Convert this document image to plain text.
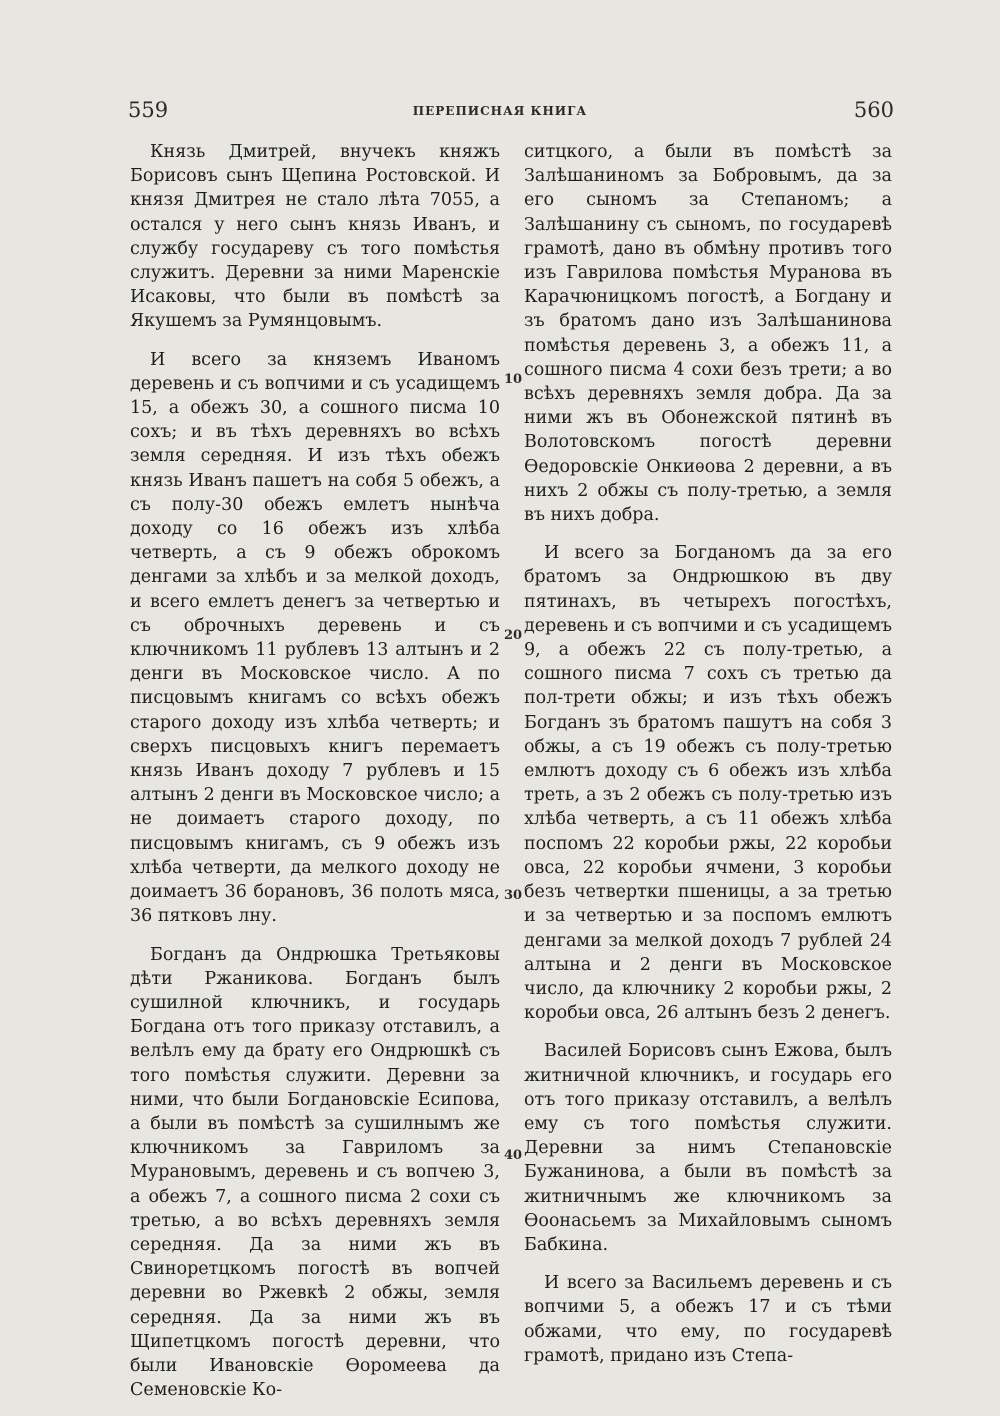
559	ПЕРЕПИСНАЯ КНИГА	560

Князь Дмитрей, внучекъ княжъ Борисовъ сынъ Щепина Ростовской. И князя Дмитрея не стало лѣта 7055, а остался у него сынъ князь Иванъ, и службу государеву съ того помѣстья служитъ. Деревни за ними Маренскіе Исаковы, что были въ помѣстѣ за Якушемъ за Румянцовымъ.

И всего за княземъ Иваномъ деревень и съ вопчими и съ усадищемъ 15, а обежъ 30, а сошного писма 10 сохъ; и въ тѣхъ деревняхъ во всѣхъ земля середняя. И изъ тѣхъ обежъ князь Иванъ пашетъ на собя 5 обежъ, а съ полу-30 обежъ емлетъ нынѣча доходу со 16 обежъ изъ хлѣба четверть, а съ 9 обежъ оброкомъ денгами за хлѣбъ и за мелкой доходъ, и всего емлетъ денегъ за четвертью и съ оброчныхъ деревень и съ ключникомъ 11 рублевъ 13 алтынъ и 2 денги въ Московское число. А по писцовымъ книгамъ со всѣхъ обежъ старого доходу изъ хлѣба четверть; и сверхъ писцовыхъ книгъ перемаетъ князь Иванъ доходу 7 рублевъ и 15 алтынъ 2 денги въ Московское число; а не доимаетъ старого доходу, по писцовымъ книгамъ, съ 9 обежъ изъ хлѣба четверти, да мелкого доходу не доимаетъ 36 борановъ, 36 полоть мяса, 36 пятковъ лну.

Богданъ да Ондрюшка Третьяковы дѣти Ржаникова. Богданъ былъ сушилной ключникъ, и государь Богдана отъ того приказу отставилъ, а велѣлъ ему да брату его Ондрюшкѣ съ того помѣстья служити. Деревни за ними, что были Богдановскіе Есипова, а были въ помѣстѣ за сушилнымъ же ключникомъ за Гавриломъ за Мурановымъ, деревень и съ вопчею 3, а обежъ 7, а сошного писма 2 сохи съ третью, а во всѣхъ деревняхъ земля середняя. Да за ними жъ въ Свиноретцкомъ погостѣ въ вопчей деревни во Ржевкѣ 2 обжы, земля середняя. Да за ними жъ въ Щипетцкомъ погостѣ деревни, что были Ивановскіе Ѳоромеева да Семеновскіе Ко-

10
20
30
40

ситцкого, а были въ помѣстѣ за Залѣшаниномъ за Бобровымъ, да за его сыномъ за Степаномъ; а Залѣшанину съ сыномъ, по государевѣ грамотѣ, дано въ обмѣну противъ того изъ Гаврилова помѣстья Муранова въ Карачюницкомъ погостѣ, а Богдану и зъ братомъ дано изъ Залѣшанинова помѣстья деревень 3, а обежъ 11, а сошного писма 4 сохи безъ трети; а во всѣхъ деревняхъ земля добра. Да за ними жъ въ Обонежской пятинѣ въ Волотовскомъ погостѣ деревни Ѳедоровскіе Онкиѳова 2 деревни, а въ нихъ 2 обжы съ полу-третью, а земля въ нихъ добра.

И всего за Богданомъ да за его братомъ за Ондрюшкою въ дву пятинахъ, въ четырехъ погостѣхъ, деревень и съ вопчими и съ усадищемъ 9, а обежъ 22 съ полу-третью, а сошного писма 7 сохъ съ третью да пол-трети обжы; и изъ тѣхъ обежъ Богданъ зъ братомъ пашутъ на собя 3 обжы, а съ 19 обежъ съ полу-третью емлютъ доходу съ 6 обежъ изъ хлѣба треть, а зъ 2 обежъ съ полу-третью изъ хлѣба четверть, а съ 11 обежъ хлѣба поспомъ 22 коробьи ржы, 22 коробьи овса, 22 коробьи ячмени, 3 коробьи безъ четвертки пшеницы, а за третью и за четвертью и за поспомъ емлютъ денгами за мелкой доходъ 7 рублей 24 алтына и 2 денги въ Московское число, да ключнику 2 коробьи ржы, 2 коробьи овса, 26 алтынъ безъ 2 денегъ.

Василей Борисовъ сынъ Ежова, былъ житничной ключникъ, и государь его отъ того приказу отставилъ, а велѣлъ ему съ того помѣстья служити. Деревни за нимъ Степановскіе Бужанинова, а были въ помѣстѣ за житничнымъ же ключникомъ за Ѳоонасьемъ за Михайловымъ сыномъ Бабкина.

И всего за Васильемъ деревень и съ вопчими 5, а обежъ 17 и съ тѣми обжами, что ему, по государевѣ грамотѣ, придано изъ Степа-
